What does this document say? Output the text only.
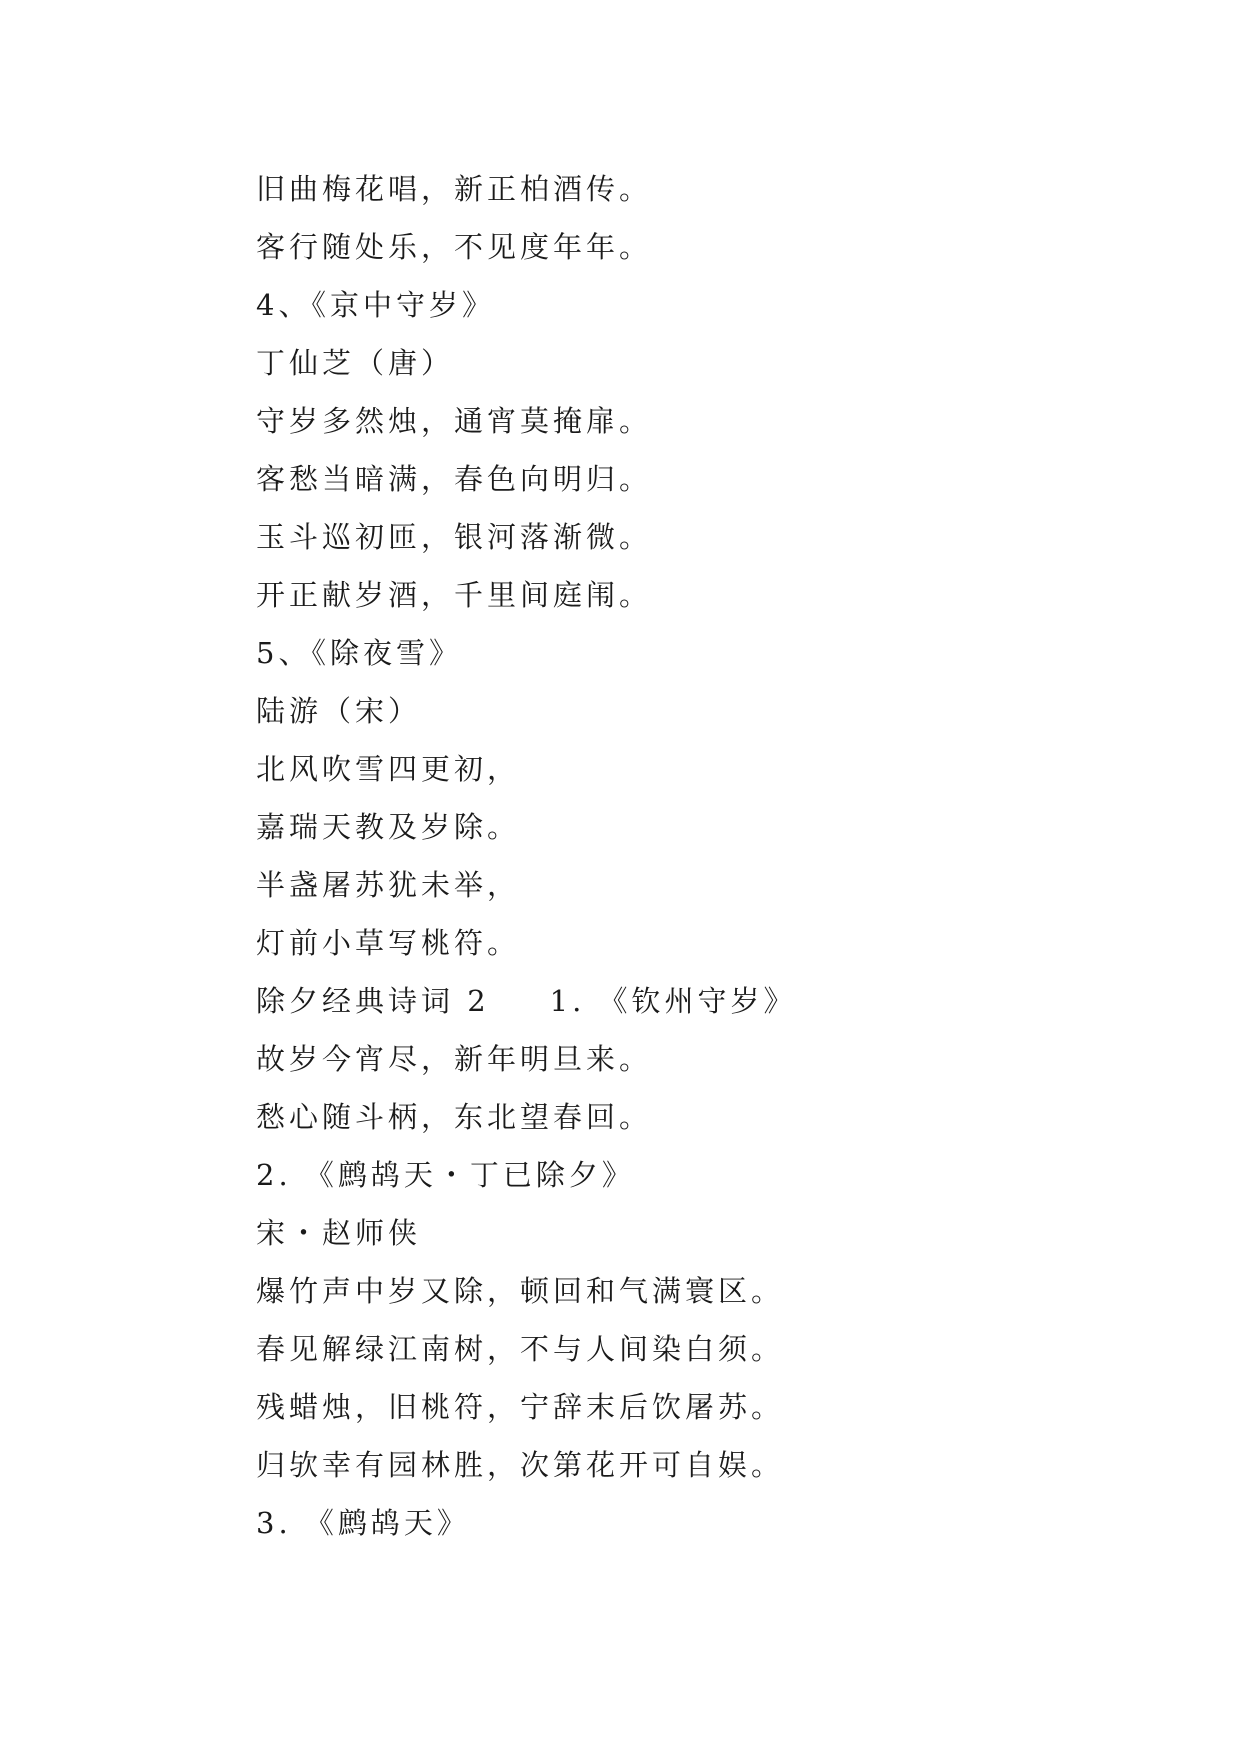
旧曲梅花唱，新正柏酒传。
客行随处乐，不见度年年。
4、《京中守岁》
丁仙芝（唐）
守岁多然烛，通宵莫掩扉。
客愁当暗满，春色向明归。
玉斗巡初匝，银河落渐微。
开正献岁酒，千里间庭闱。
5、《除夜雪》
陆游（宋）
北风吹雪四更初，
嘉瑞天教及岁除。
半盏屠苏犹未举，
灯前小草写桃符。
除夕经典诗词 2 1. 《钦州守岁》
故岁今宵尽，新年明旦来。
愁心随斗柄，东北望春回。
2. 《鹧鸪天・丁已除夕》
宋・赵师侠
爆竹声中岁又除，顿回和气满寰区。
春见解绿江南树，不与人间染白须。
残蜡烛，旧桃符，宁辞末后饮屠苏。
归欤幸有园林胜，次第花开可自娱。
3. 《鹧鸪天》
